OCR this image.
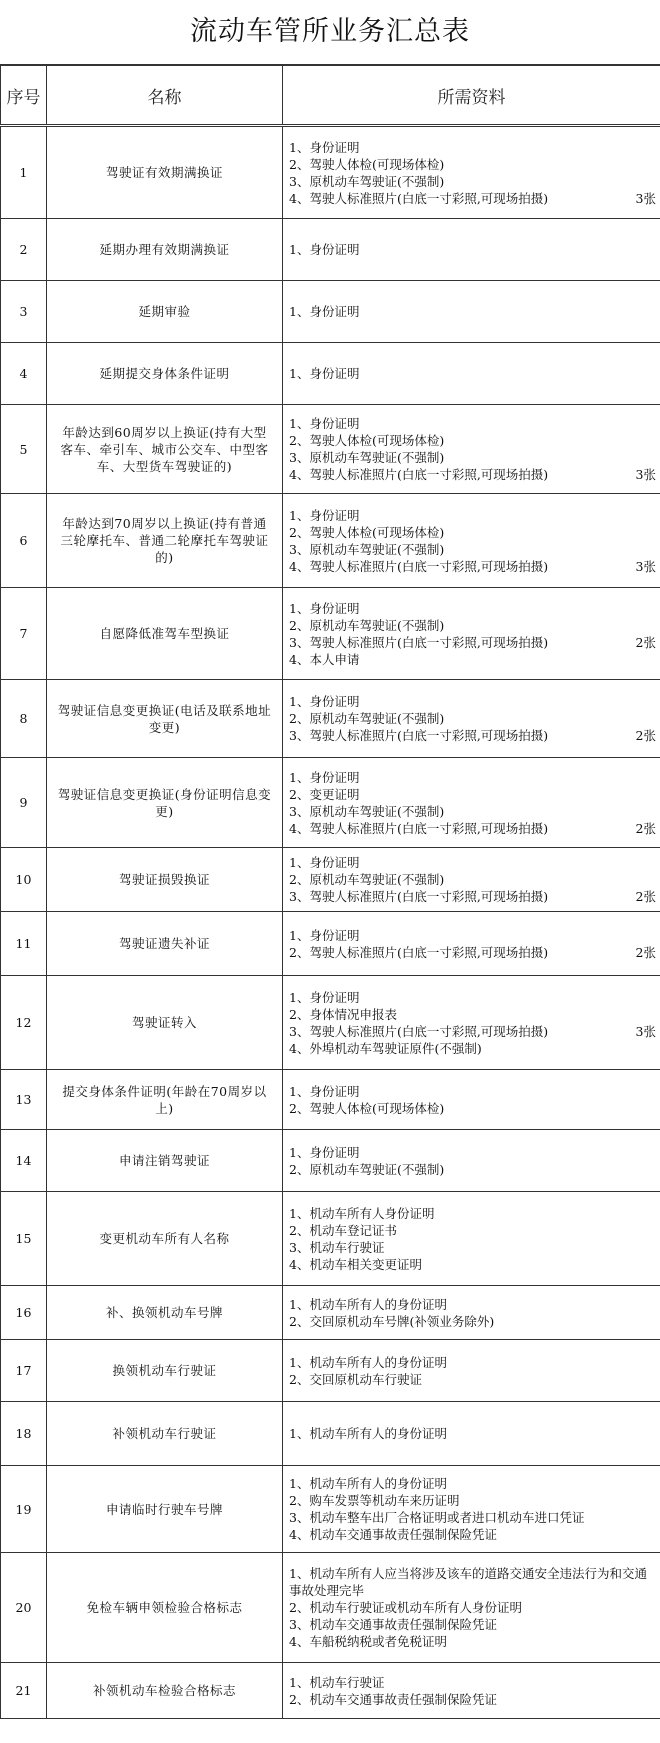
流动车管所业务汇总表
序号	名称	所需资料
1	驾驶证有效期满换证	1、身份证明
2、驾驶人体检(可现场体检)
3、原机动车驾驶证(不强制)
4、驾驶人标准照片(白底一寸彩照,可现场拍摄) 3张

2	延期办理有效期满换证	1、身份证明

3	延期审验	1、身份证明

4	延期提交身体条件证明	1、身份证明

5	年龄达到60周岁以上换证(持有大型客车、牵引车、城市公交车、中型客车、大型货车驾驶证的)	1、身份证明
2、驾驶人体检(可现场体检)
3、原机动车驾驶证(不强制)
4、驾驶人标准照片(白底一寸彩照,可现场拍摄) 3张

6	年龄达到70周岁以上换证(持有普通三轮摩托车、普通二轮摩托车驾驶证的)	1、身份证明
2、驾驶人体检(可现场体检)
3、原机动车驾驶证(不强制)
4、驾驶人标准照片(白底一寸彩照,可现场拍摄) 3张

7	自愿降低准驾车型换证	1、身份证明
2、原机动车驾驶证(不强制)
3、驾驶人标准照片(白底一寸彩照,可现场拍摄) 2张
4、本人申请

8	驾驶证信息变更换证(电话及联系地址变更)	1、身份证明
2、原机动车驾驶证(不强制)
3、驾驶人标准照片(白底一寸彩照,可现场拍摄) 2张

9	驾驶证信息变更换证(身份证明信息变更)	1、身份证明
2、变更证明
3、原机动车驾驶证(不强制)
4、驾驶人标准照片(白底一寸彩照,可现场拍摄) 2张

10	驾驶证损毁换证	1、身份证明
2、原机动车驾驶证(不强制)
3、驾驶人标准照片(白底一寸彩照,可现场拍摄) 2张

11	驾驶证遗失补证	1、身份证明
2、驾驶人标准照片(白底一寸彩照,可现场拍摄) 2张

12	驾驶证转入	1、身份证明
2、身体情况申报表
3、驾驶人标准照片(白底一寸彩照,可现场拍摄) 3张
4、外埠机动车驾驶证原件(不强制)

13	提交身体条件证明(年龄在70周岁以上)	1、身份证明
2、驾驶人体检(可现场体检)

14	申请注销驾驶证	1、身份证明
2、原机动车驾驶证(不强制)

15	变更机动车所有人名称	1、机动车所有人身份证明
2、机动车登记证书
3、机动车行驶证
4、机动车相关变更证明

16	补、换领机动车号牌	1、机动车所有人的身份证明
2、交回原机动车号牌(补领业务除外)

17	换领机动车行驶证	1、机动车所有人的身份证明
2、交回原机动车行驶证

18	补领机动车行驶证	1、机动车所有人的身份证明

19	申请临时行驶车号牌	1、机动车所有人的身份证明
2、购车发票等机动车来历证明
3、机动车整车出厂合格证明或者进口机动车进口凭证
4、机动车交通事故责任强制保险凭证

20	免检车辆申领检验合格标志	1、机动车所有人应当将涉及该车的道路交通安全违法行为和交通事故处理完毕
2、机动车行驶证或机动车所有人身份证明
3、机动车交通事故责任强制保险凭证
4、车船税纳税或者免税证明

21	补领机动车检验合格标志	1、机动车行驶证
2、机动车交通事故责任强制保险凭证
